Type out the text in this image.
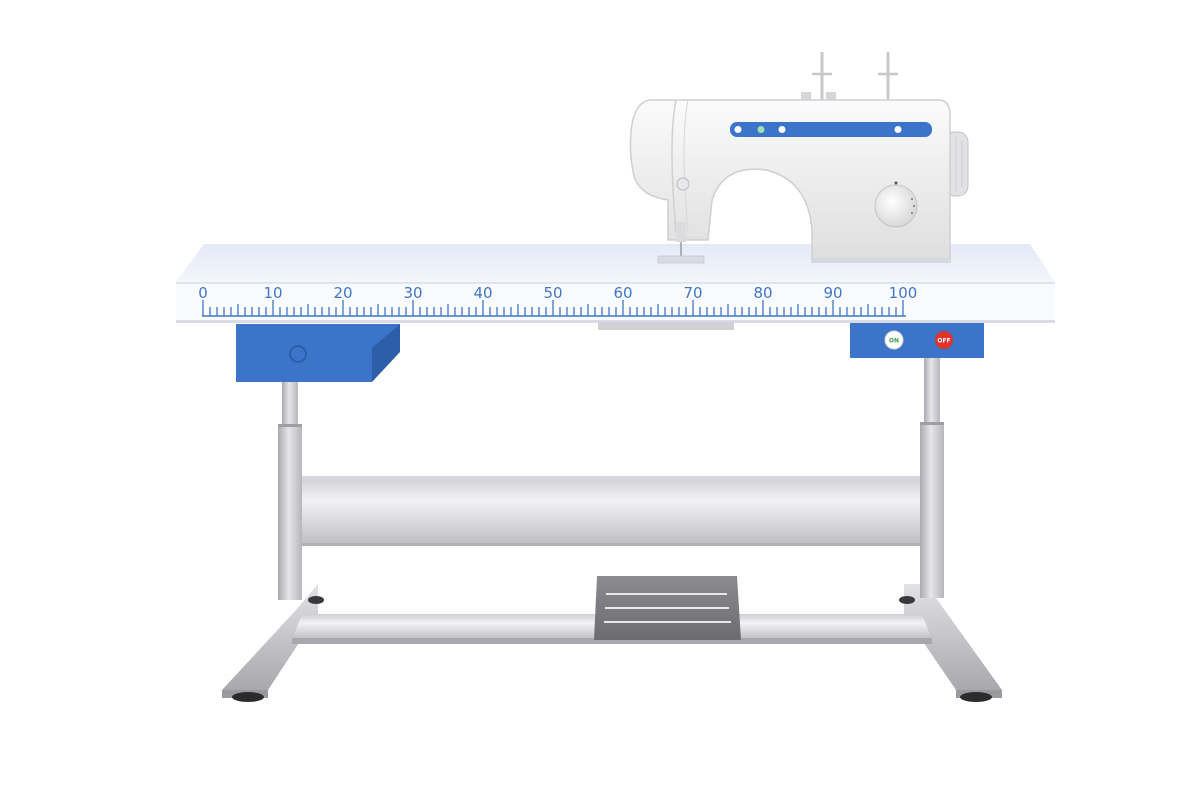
ON	OFF
0	10	20	30	40	50	60	70	80	90	100
